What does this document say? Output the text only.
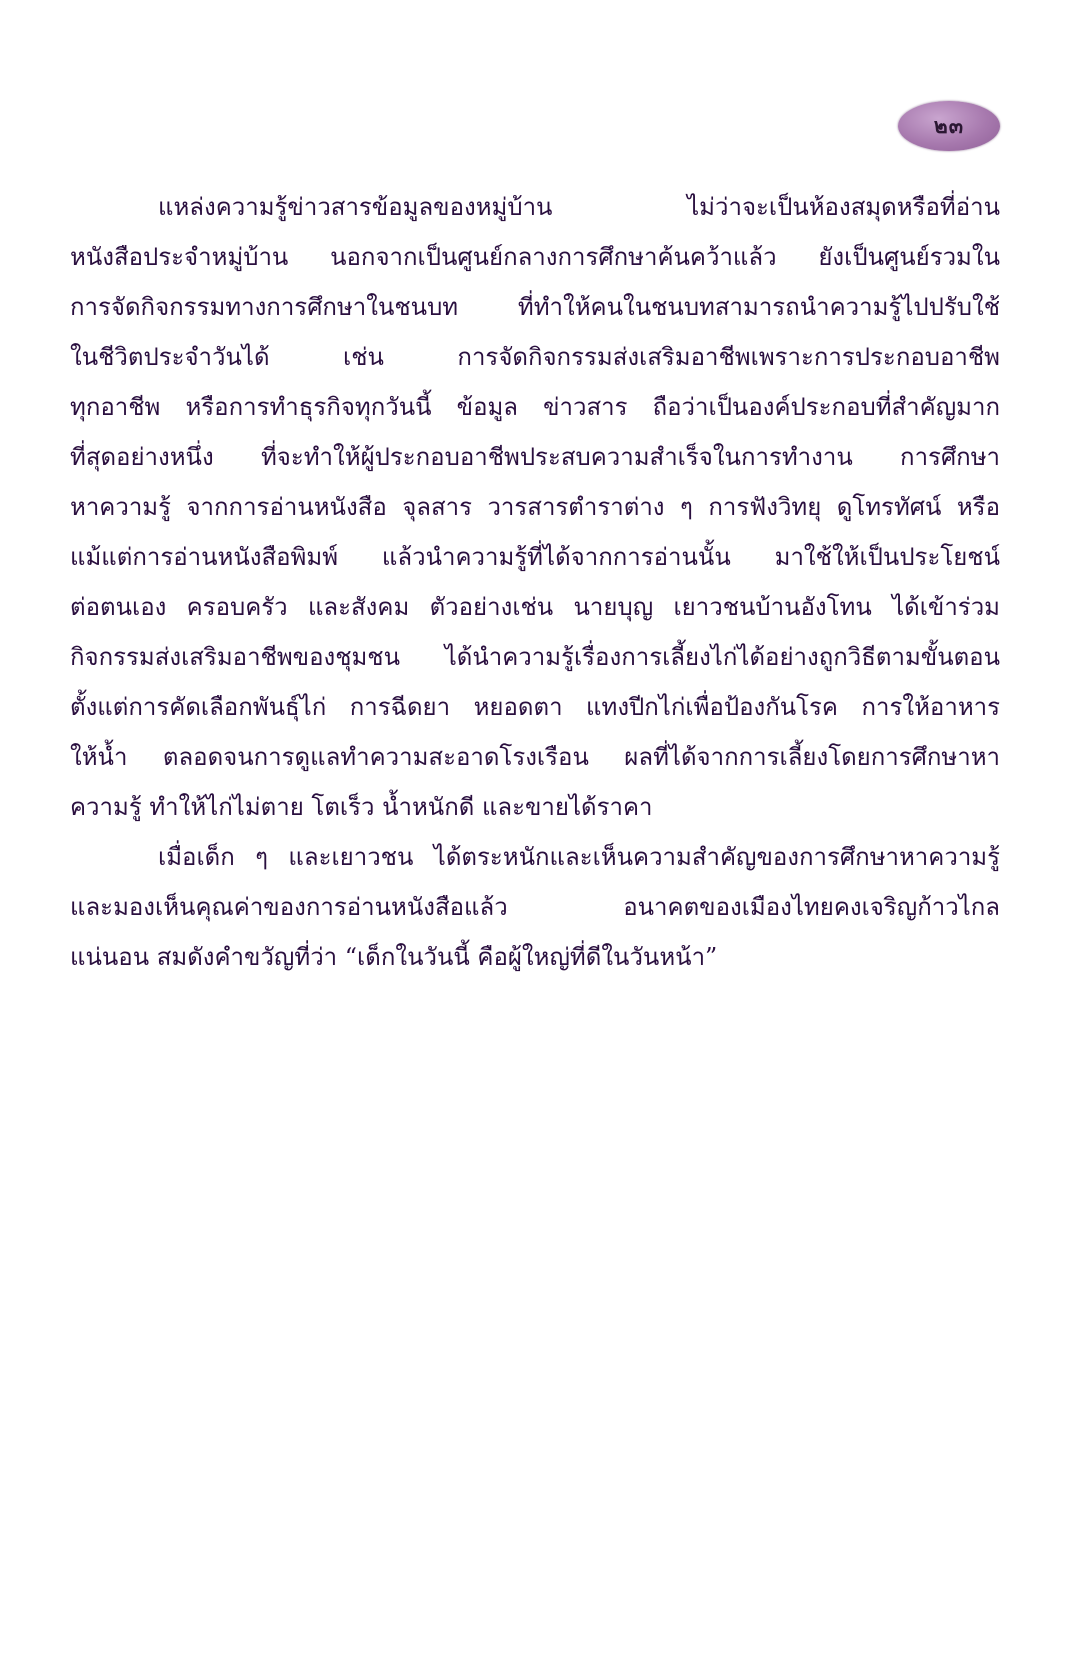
๒๓
แหล่งความรู้ข่าวสารข้อมูลของหมู่บ้าน ไม่ว่าจะเป็นห้องสมุดหรือที่อ่าน
หนังสือประจำหมู่บ้าน นอกจากเป็นศูนย์กลางการศึกษาค้นคว้าแล้ว ยังเป็นศูนย์รวมใน
การจัดกิจกรรมทางการศึกษาในชนบท ที่ทำให้คนในชนบทสามารถนำความรู้ไปปรับใช้
ในชีวิตประจำวันได้ เช่น การจัดกิจกรรมส่งเสริมอาชีพเพราะการประกอบอาชีพ
ทุกอาชีพ หรือการทำธุรกิจทุกวันนี้ ข้อมูล ข่าวสาร ถือว่าเป็นองค์ประกอบที่สำคัญมาก
ที่สุดอย่างหนึ่ง ที่จะทำให้ผู้ประกอบอาชีพประสบความสำเร็จในการทำงาน การศึกษา
หาความรู้ จากการอ่านหนังสือ จุลสาร วารสารตำราต่าง ๆ การฟังวิทยุ ดูโทรทัศน์ หรือ
แม้แต่การอ่านหนังสือพิมพ์ แล้วนำความรู้ที่ได้จากการอ่านนั้น มาใช้ให้เป็นประโยชน์
ต่อตนเอง ครอบครัว และสังคม ตัวอย่างเช่น นายบุญ เยาวชนบ้านอังโทน ได้เข้าร่วม
กิจกรรมส่งเสริมอาชีพของชุมชน ได้นำความรู้เรื่องการเลี้ยงไก่ได้อย่างถูกวิธีตามขั้นตอน
ตั้งแต่การคัดเลือกพันธุ์ไก่ การฉีดยา หยอดตา แทงปีกไก่เพื่อป้องกันโรค การให้อาหาร
ให้น้ำ ตลอดจนการดูแลทำความสะอาดโรงเรือน ผลที่ได้จากการเลี้ยงโดยการศึกษาหา
ความรู้ ทำให้ไก่ไม่ตาย โตเร็ว น้ำหนักดี และขายได้ราคา
เมื่อเด็ก ๆ และเยาวชน ได้ตระหนักและเห็นความสำคัญของการศึกษาหาความรู้
และมองเห็นคุณค่าของการอ่านหนังสือแล้ว อนาคตของเมืองไทยคงเจริญก้าวไกล
แน่นอน สมดังคำขวัญที่ว่า “เด็กในวันนี้ คือผู้ใหญ่ที่ดีในวันหน้า”
